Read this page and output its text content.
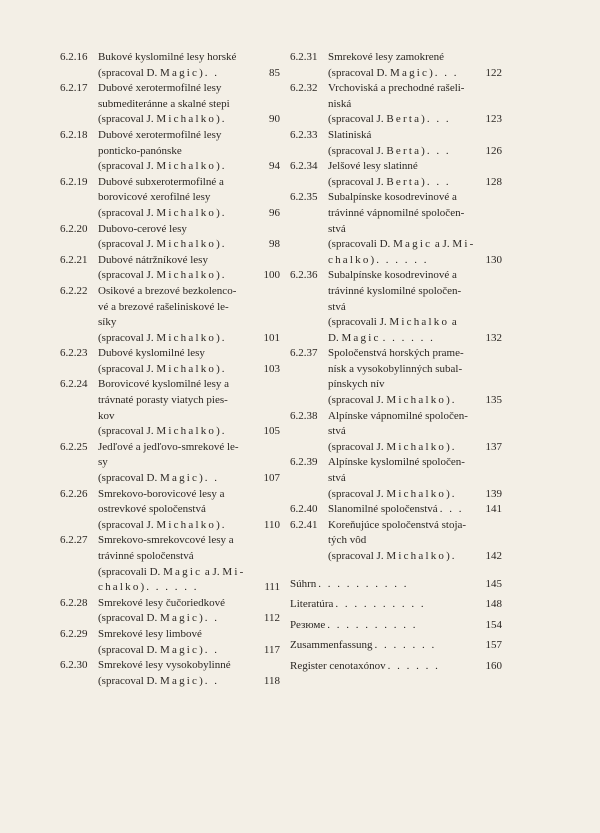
6.2.16 Bukové kyslomilné lesy horské
(spracoval D. Magic) . .	85
6.2.17 Dubové xerotermofilné lesy
submediteránne a skalné stepi
(spracoval J. Michalko) .	90
6.2.18 Dubové xerotermofilné lesy
ponticko-panónske
(spracoval J. Michalko) .	94
6.2.19 Dubové subxerotermofilné a
borovicové xerofilné lesy
(spracoval J. Michalko) .	96
6.2.20 Dubovo-cerové lesy
(spracoval J. Michalko) .	98
6.2.21 Dubové nátržníkové lesy
(spracoval J. Michalko) .	100
6.2.22 Osikové a brezové bezkolenco-
vé a brezové rašeliniskové le-
síky
(spracoval J. Michalko) .	101
6.2.23 Dubové kyslomilné lesy
(spracoval J. Michalko) .	103
6.2.24 Borovicové kyslomilné lesy a
trávnaté porasty viatych pies-
kov
(spracoval J. Michalko) .	105
6.2.25 Jedľové a jedľovo-smrekové le-
sy
(spracoval D. Magic) . .	107
6.2.26 Smrekovo-borovicové lesy a
ostrevkové spoločenstvá
(spracoval J. Michalko) .	110
6.2.27 Smrekovo-smrekovcové lesy a
trávinné spoločenstvá
(spracovali D. Magic a J. Mi-
chalko) . . . . . .	111
6.2.28 Smrekové lesy čučoriedkové
(spracoval D. Magic) . .	112
6.2.29 Smrekové lesy limbové
(spracoval D. Magic) . .	117
6.2.30 Smrekové lesy vysokobylinné
(spracoval D. Magic) . .	118
6.2.31 Smrekové lesy zamokrené
(spracoval D. Magic) . . .	122
6.2.32 Vrchoviská a prechodné rašeli-
niská
(spracoval J. Berta) . . .	123
6.2.33 Slatiniská
(spracoval J. Berta) . . .	126
6.2.34 Jelšové lesy slatinné
(spracoval J. Berta) . . .	128
6.2.35 Subalpínske kosodrevinové a
trávinné vápnomilné spoločen-
stvá
(spracovali D. Magic a J. Mi-
chalko) . . . . . .	130
6.2.36 Subalpínske kosodrevinové a
trávinné kyslomilné spoločen-
stvá
(spracovali J. Michalko a
D. Magic . . . . . .	132
6.2.37 Spoločenstvá horských prame-
nísk a vysokobylinných subal-
pínskych nív
(spracoval J. Michalko) .	135
6.2.38 Alpínske vápnomilné spoločen-
stvá
(spracoval J. Michalko) .	137
6.2.39 Alpínske kyslomilné spoločen-
stvá
(spracoval J. Michalko) .	139
6.2.40 Slanomilné spoločenstvá . . .	141
6.2.41 Koreňujúce spoločenstvá stoja-
tých vôd
(spracoval J. Michalko) .	142
Súhrn . . . . . . . . . .	145
Literatúra . . . . . . . . . .	148
Резюме . . . . . . . . . .	154
Zusammenfassung . . . . . . .	157
Register cenotaxónov . . . . . .	160
